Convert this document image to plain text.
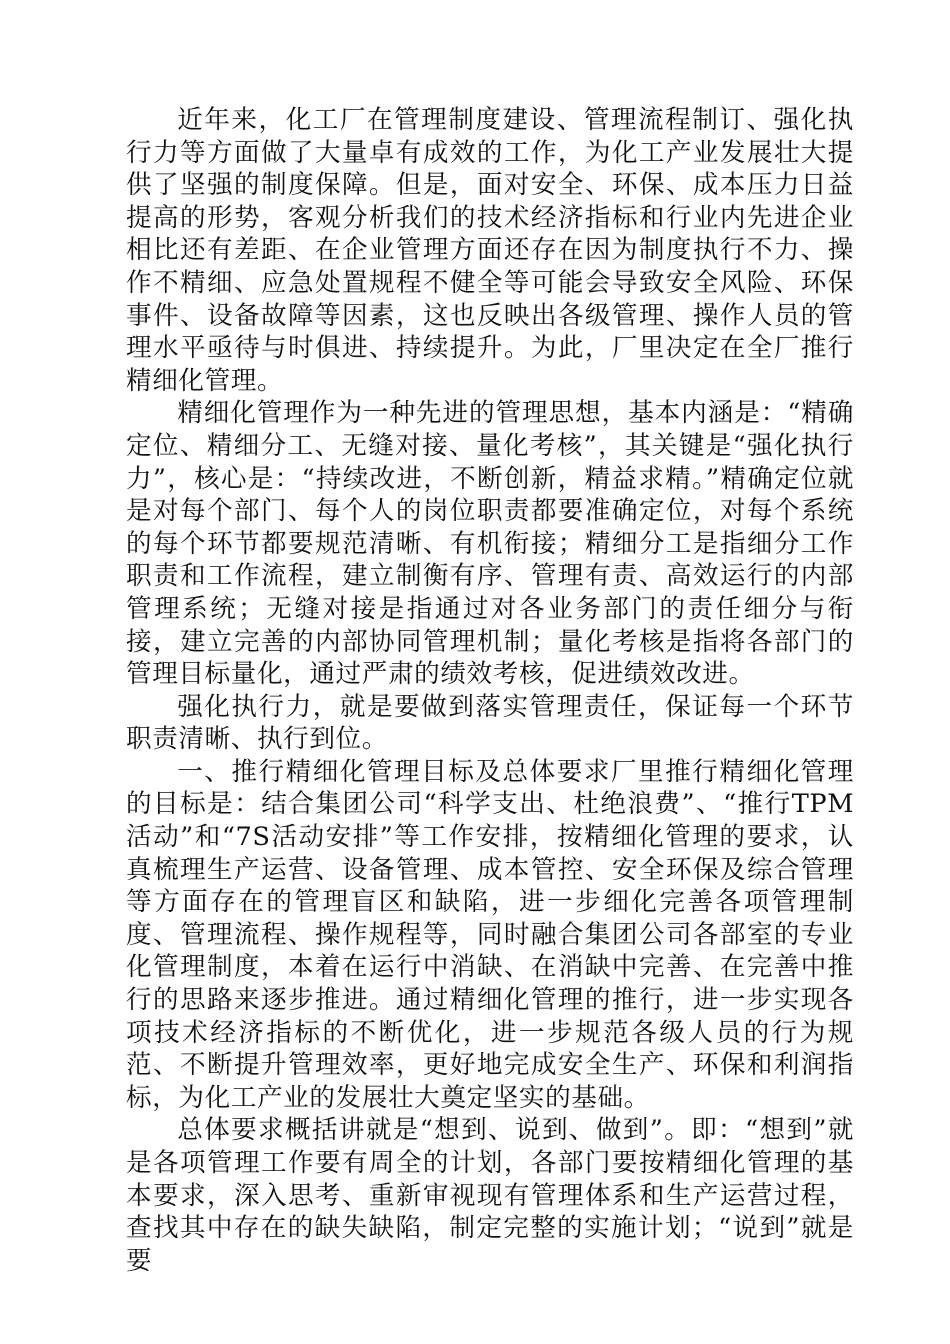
近年来，化工厂在管理制度建设、管理流程制订、强化执行力等方面做了大量卓有成效的工作，为化工产业发展壮大提供了坚强的制度保障。但是，面对安全、环保、成本压力日益提高的形势，客观分析我们的技术经济指标和行业内先进企业相比还有差距、在企业管理方面还存在因为制度执行不力、操作不精细、应急处置规程不健全等可能会导致安全风险、环保事件、设备故障等因素，这也反映出各级管理、操作人员的管理水平亟待与时俱进、持续提升。为此，厂里决定在全厂推行精细化管理。

精细化管理作为一种先进的管理思想，基本内涵是：“精确定位、精细分工、无缝对接、量化考核”，其关键是“强化执行力”，核心是：“持续改进，不断创新，精益求精。”精确定位就是对每个部门、每个人的岗位职责都要准确定位，对每个系统的每个环节都要规范清晰、有机衔接；精细分工是指细分工作职责和工作流程，建立制衡有序、管理有责、高效运行的内部管理系统；无缝对接是指通过对各业务部门的责任细分与衔接，建立完善的内部协同管理机制；量化考核是指将各部门的管理目标量化，通过严肃的绩效考核，促进绩效改进。

强化执行力，就是要做到落实管理责任，保证每一个环节职责清晰、执行到位。

一、推行精细化管理目标及总体要求厂里推行精细化管理的目标是：结合集团公司“科学支出、杜绝浪费”、“推行TPM活动”和“7S活动安排”等工作安排，按精细化管理的要求，认真梳理生产运营、设备管理、成本管控、安全环保及综合管理等方面存在的管理盲区和缺陷，进一步细化完善各项管理制度、管理流程、操作规程等，同时融合集团公司各部室的专业化管理制度，本着在运行中消缺、在消缺中完善、在完善中推行的思路来逐步推进。通过精细化管理的推行，进一步实现各项技术经济指标的不断优化，进一步规范各级人员的行为规范、不断提升管理效率，更好地完成安全生产、环保和利润指标，为化工产业的发展壮大奠定坚实的基础。

总体要求概括讲就是“想到、说到、做到”。即：“想到”就是各项管理工作要有周全的计划，各部门要按精细化管理的基本要求，深入思考、重新审视现有管理体系和生产运营过程，查找其中存在的缺失缺陷，制定完整的实施计划；“说到”就是要
